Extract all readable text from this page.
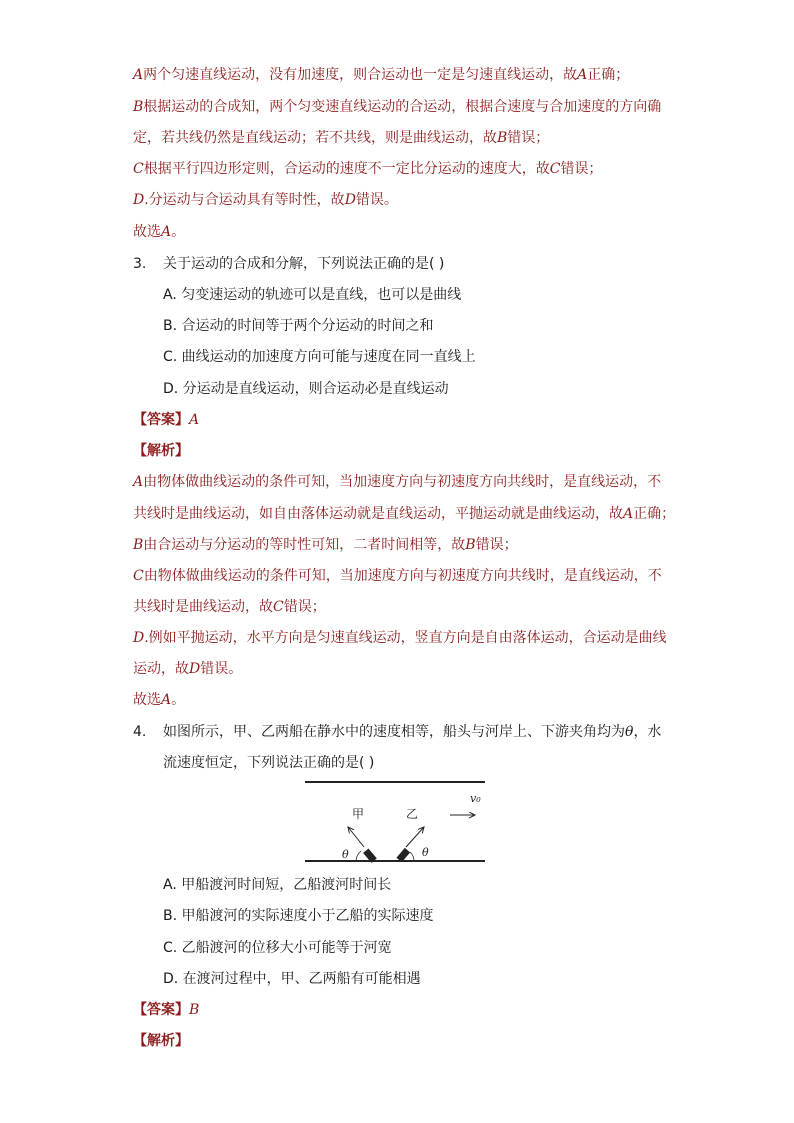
A两个匀速直线运动，没有加速度，则合运动也一定是匀速直线运动，故A正确；
B根据运动的合成知，两个匀变速直线运动的合运动，根据合速度与合加速度的方向确
定，若共线仍然是直线运动；若不共线，则是曲线运动，故B错误；
C根据平行四边形定则，合运动的速度不一定比分运动的速度大，故C错误；
D.分运动与合运动具有等时性，故D错误。
故选A。
3. 关于运动的合成和分解，下列说法正确的是( )
A. 匀变速运动的轨迹可以是直线，也可以是曲线
B. 合运动的时间等于两个分运动的时间之和
C. 曲线运动的加速度方向可能与速度在同一直线上
D. 分运动是直线运动，则合运动必是直线运动
【答案】A
【解析】
A由物体做曲线运动的条件可知，当加速度方向与初速度方向共线时，是直线运动，不
共线时是曲线运动，如自由落体运动就是直线运动，平抛运动就是曲线运动，故A正确；
B由合运动与分运动的等时性可知，二者时间相等，故B错误；
C由物体做曲线运动的条件可知，当加速度方向与初速度方向共线时，是直线运动，不
共线时是曲线运动，故C错误；
D.例如平抛运动，水平方向是匀速直线运动，竖直方向是自由落体运动，合运动是曲线
运动，故D错误。
故选A。
4. 如图所示，甲、乙两船在静水中的速度相等，船头与河岸上、下游夹角均为θ，水
流速度恒定，下列说法正确的是( )
甲	乙
v₀
θ	θ
A. 甲船渡河时间短，乙船渡河时间长
B. 甲船渡河的实际速度小于乙船的实际速度
C. 乙船渡河的位移大小可能等于河宽
D. 在渡河过程中，甲、乙两船有可能相遇
【答案】B
【解析】
